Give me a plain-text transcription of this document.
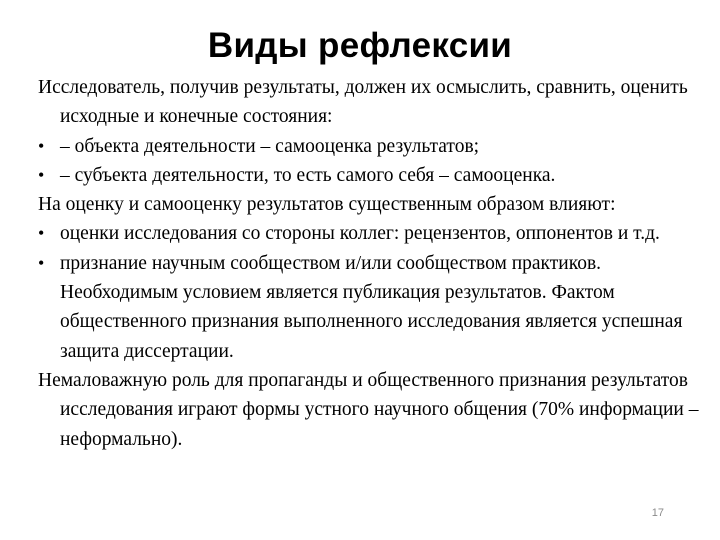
Виды рефлексии

Исследователь, получив результаты, должен их осмыслить, сравнить, оценить исходные и конечные состояния:

• – объекта деятельности – самооценка результатов;

• – субъекта деятельности, то есть самого себя – самооценка.

На оценку и самооценку результатов существенным образом влияют:

• оценки исследования со стороны коллег: рецензентов, оппонентов и т.д.

• признание научным сообществом и/или сообществом практиков. Необходимым условием является публикация результатов. Фактом общественного признания выполненного исследования является успешная защита диссертации.

Немаловажную роль для пропаганды и общественного признания результатов исследования играют формы устного научного общения (70% информации – неформально).

17
